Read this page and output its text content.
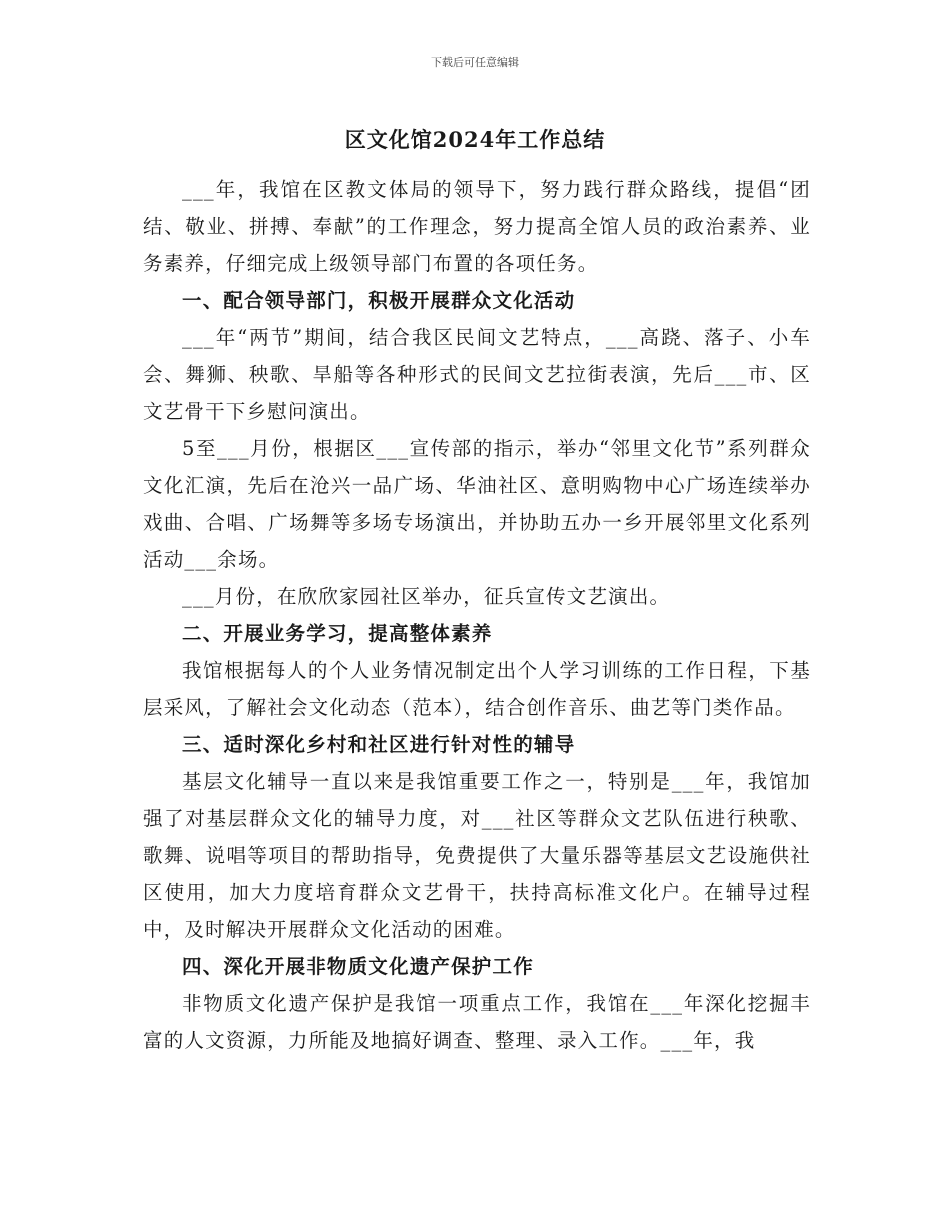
下载后可任意编辑
区文化馆2024年工作总结

___年，我馆在区教文体局的领导下，努力践行群众路线，提倡“团结、敬业、拼搏、奉献”的工作理念，努力提高全馆人员的政治素养、业务素养，仔细完成上级领导部门布置的各项任务。

一、配合领导部门，积极开展群众文化活动

___年“两节”期间，结合我区民间文艺特点，___高跷、落子、小车会、舞狮、秧歌、旱船等各种形式的民间文艺拉街表演，先后___市、区文艺骨干下乡慰问演出。

5至___月份，根据区___宣传部的指示，举办“邻里文化节”系列群众文化汇演，先后在沧兴一品广场、华油社区、意明购物中心广场连续举办戏曲、合唱、广场舞等多场专场演出，并协助五办一乡开展邻里文化系列活动___余场。

___月份，在欣欣家园社区举办，征兵宣传文艺演出。

二、开展业务学习，提高整体素养

我馆根据每人的个人业务情况制定出个人学习训练的工作日程，下基层采风，了解社会文化动态（范本），结合创作音乐、曲艺等门类作品。

三、适时深化乡村和社区进行针对性的辅导

基层文化辅导一直以来是我馆重要工作之一，特别是___年，我馆加强了对基层群众文化的辅导力度，对___社区等群众文艺队伍进行秧歌、歌舞、说唱等项目的帮助指导，免费提供了大量乐器等基层文艺设施供社区使用，加大力度培育群众文艺骨干，扶持高标准文化户。在辅导过程中，及时解决开展群众文化活动的困难。

四、深化开展非物质文化遗产保护工作

非物质文化遗产保护是我馆一项重点工作，我馆在___年深化挖掘丰富的人文资源，力所能及地搞好调查、整理、录入工作。___年，我
